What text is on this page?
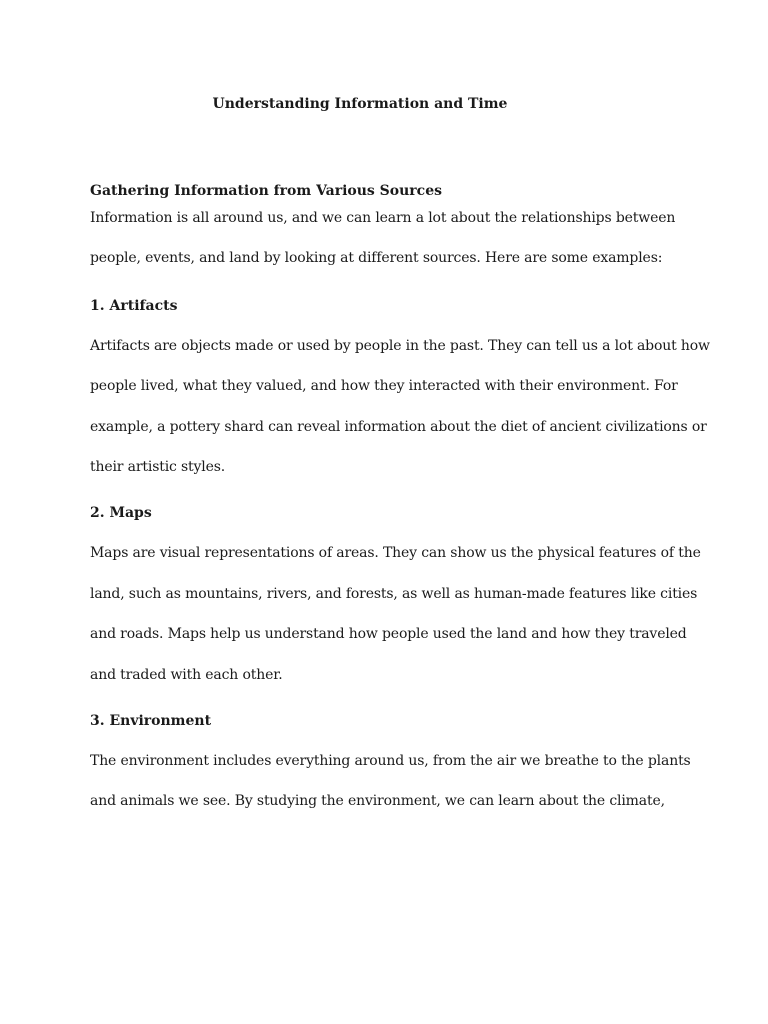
Understanding Information and Time
Gathering Information from Various Sources

Information is all around us, and we can learn a lot about the relationships between
people, events, and land by looking at different sources. Here are some examples:

1. Artifacts

Artifacts are objects made or used by people in the past. They can tell us a lot about how
people lived, what they valued, and how they interacted with their environment. For
example, a pottery shard can reveal information about the diet of ancient civilizations or
their artistic styles.

2. Maps

Maps are visual representations of areas. They can show us the physical features of the
land, such as mountains, rivers, and forests, as well as human-made features like cities
and roads. Maps help us understand how people used the land and how they traveled
and traded with each other.

3. Environment

The environment includes everything around us, from the air we breathe to the plants
and animals we see. By studying the environment, we can learn about the climate,
